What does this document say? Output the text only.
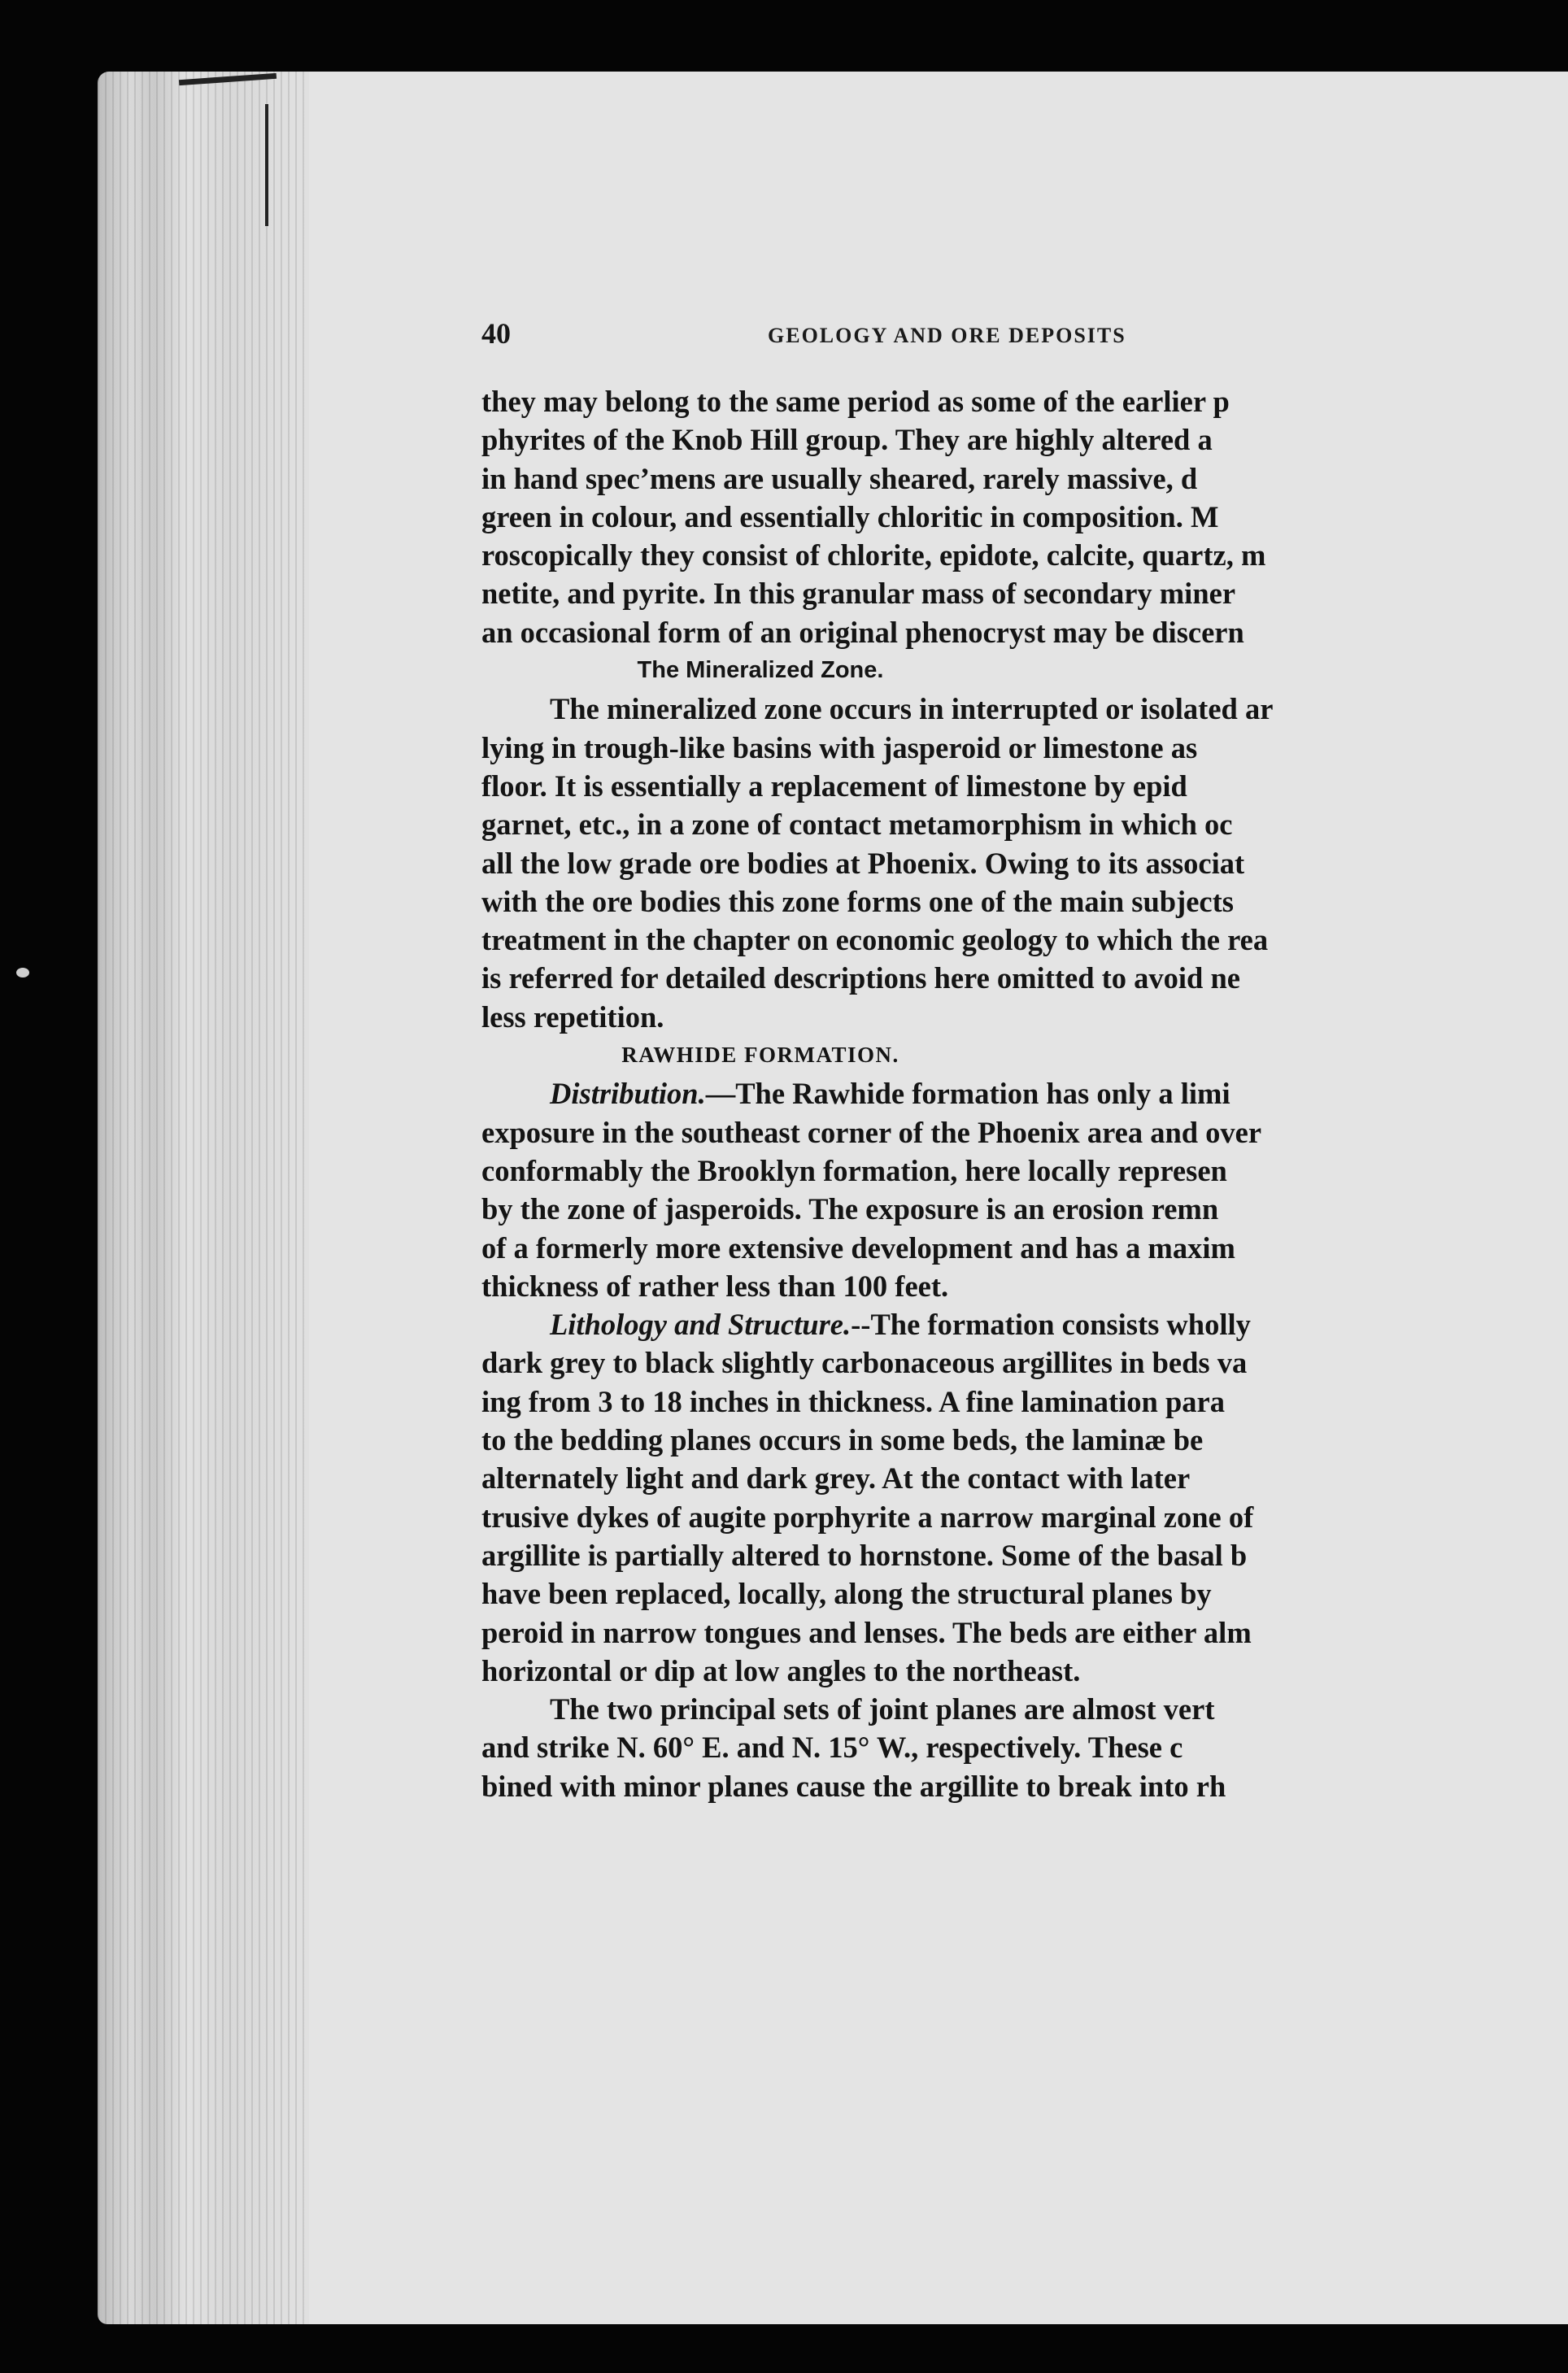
40	GEOLOGY AND ORE DEPOSITS
they may belong to the same period as some of the earlier p
phyrites of the Knob Hill group. They are highly altered a
in hand spec’mens are usually sheared, rarely massive, d
green in colour, and essentially chloritic in composition. M
roscopically they consist of chlorite, epidote, calcite, quartz, m
netite, and pyrite. In this granular mass of secondary miner
an occasional form of an original phenocryst may be discern
The Mineralized Zone.
The mineralized zone occurs in interrupted or isolated ar
lying in trough-like basins with jasperoid or limestone as
floor. It is essentially a replacement of limestone by epid
garnet, etc., in a zone of contact metamorphism in which oc
all the low grade ore bodies at Phoenix. Owing to its associat
with the ore bodies this zone forms one of the main subjects
treatment in the chapter on economic geology to which the rea
is referred for detailed descriptions here omitted to avoid ne
less repetition.
RAWHIDE FORMATION.
Distribution.—The Rawhide formation has only a limi
exposure in the southeast corner of the Phoenix area and over
conformably the Brooklyn formation, here locally represen
by the zone of jasperoids. The exposure is an erosion remn
of a formerly more extensive development and has a maxim
thickness of rather less than 100 feet.
Lithology and Structure.--The formation consists wholly
dark grey to black slightly carbonaceous argillites in beds va
ing from 3 to 18 inches in thickness. A fine lamination para
to the bedding planes occurs in some beds, the laminæ be
alternately light and dark grey. At the contact with later
trusive dykes of augite porphyrite a narrow marginal zone of
argillite is partially altered to hornstone. Some of the basal b
have been replaced, locally, along the structural planes by
peroid in narrow tongues and lenses. The beds are either alm
horizontal or dip at low angles to the northeast.
The two principal sets of joint planes are almost vert
and strike N. 60° E. and N. 15° W., respectively. These c
bined with minor planes cause the argillite to break into rh
